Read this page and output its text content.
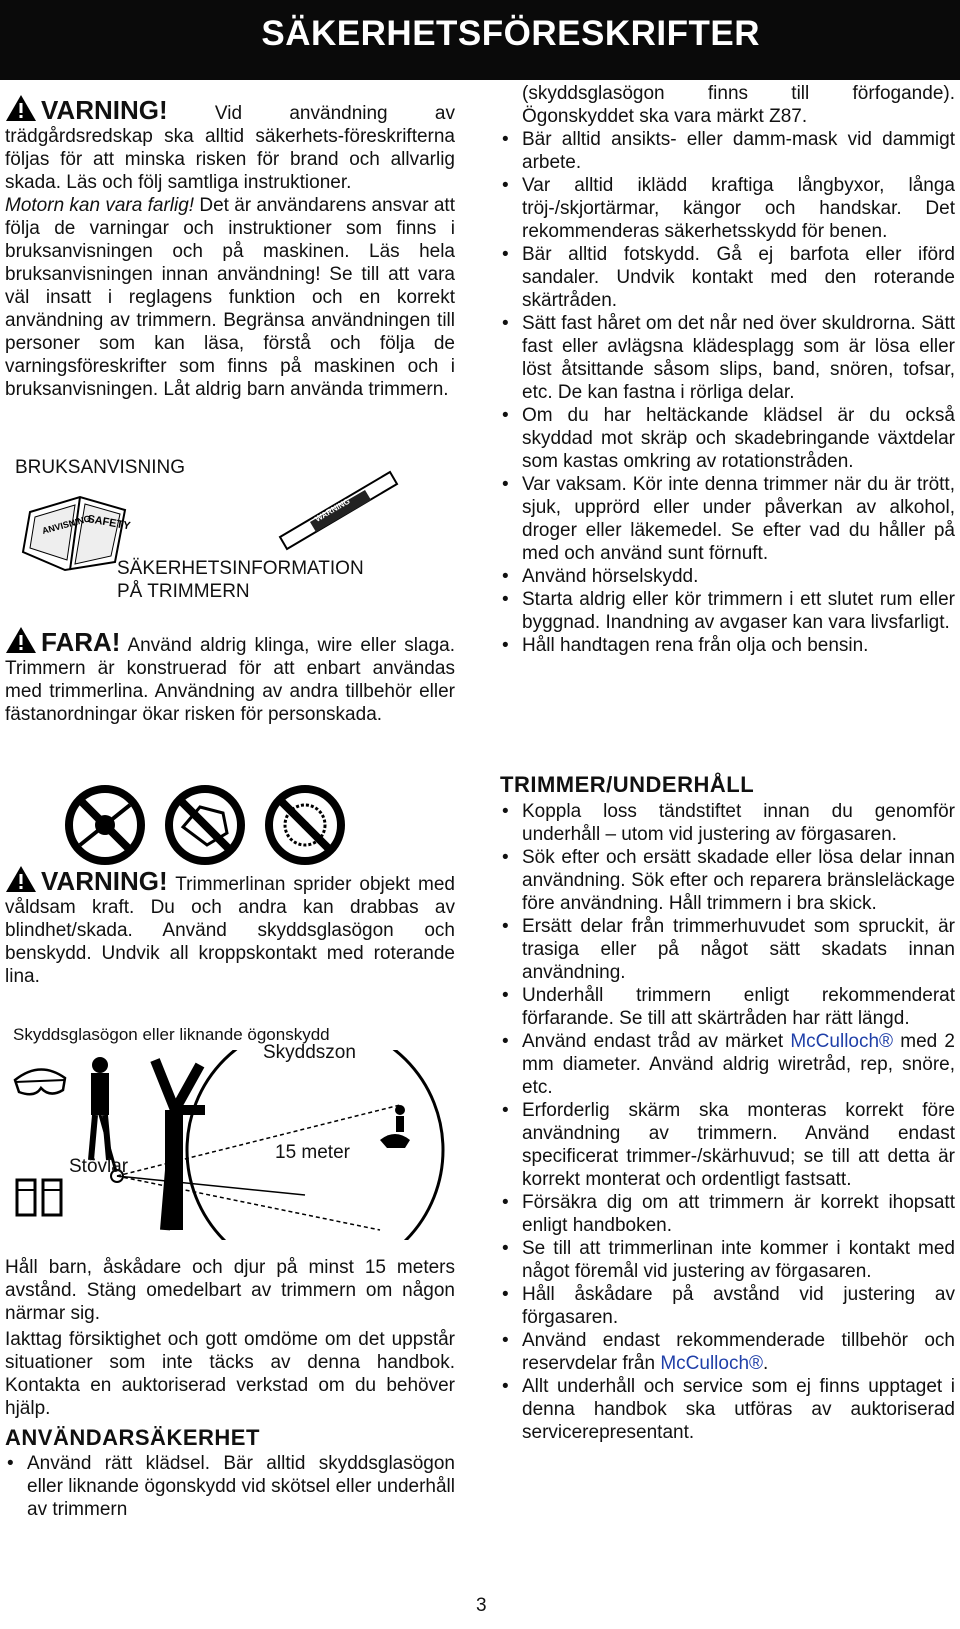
SÄKERHETSFÖRESKRIFTER

VARNING! Vid användning av trädgårdsredskap ska alltid säkerhets-föreskrifterna följas för att minska risken för brand och allvarlig skada. Läs och följ samtliga instruktioner.
Motorn kan vara farlig! Det är användarens ansvar att följa de varningar och instruktioner som finns i bruksanvisningen och på maskinen. Läs hela bruksanvisningen innan användning! Se till att vara väl insatt i reglagens funktion och en korrekt användning av trimmern. Begränsa användningen till personer som kan läsa, förstå och följa de varningsföreskrifter som finns på maskinen och i bruksanvisningen. Låt aldrig barn använda trimmern.

BRUKSANVISNING
ANVISNING
SAFETY	WARNING
SÄKERHETSINFORMATION
PÅ TRIMMERN

FARA! Använd aldrig klinga, wire eller slaga. Trimmern är konstruerad för att enbart användas med trimmerlina. Användning av andra tillbehör eller fästanordningar ökar risken för personskada.

VARNING! Trimmerlinan sprider objekt med våldsam kraft. Du och andra kan drabbas av blindhet/skada. Använd skyddsglasögon och benskydd. Undvik all kroppskontakt med roterande lina.

Skyddsglasögon eller liknande ögonskydd
Skyddszon
15 meter
Stövlar

Håll barn, åskådare och djur på minst 15 meters avstånd. Stäng omedelbart av trimmern om någon närmar sig.

Iakttag försiktighet och gott omdöme om det uppstår situationer som inte täcks av denna handbok. Kontakta en auktoriserad verkstad om du behöver hjälp.

ANVÄNDARSÄKERHET
• Använd rätt klädsel. Bär alltid skyddsglasögon eller liknande ögonskydd vid skötsel eller underhåll av trimmern

(skyddsglasögon finns till förfogande). Ögonskyddet ska vara märkt Z87.

• Bär alltid ansikts- eller damm-mask vid dammigt arbete.
• Var alltid iklädd kraftiga långbyxor, långa tröj-/skjortärmar, kängor och handskar. Det rekommenderas säkerhetsskydd för benen.
• Bär alltid fotskydd. Gå ej barfota eller iförd sandaler. Undvik kontakt med den roterande skärtråden.
• Sätt fast håret om det når ned över skuldrorna. Sätt fast eller avlägsna klädesplagg som är lösa eller löst åtsittande såsom slips, band, snören, tofsar, etc. De kan fastna i rörliga delar.
• Om du har heltäckande klädsel är du också skyddad mot skräp och skadebringande växtdelar som kastas omkring av rotationstråden.
• Var vaksam. Kör inte denna trimmer när du är trött, sjuk, upprörd eller under påverkan av alkohol, droger eller läkemedel. Se efter vad du håller på med och använd sunt förnuft.
• Använd hörselskydd.
• Starta aldrig eller kör trimmern i ett slutet rum eller byggnad. Inandning av avgaser kan vara livsfarligt.
• Håll handtagen rena från olja och bensin.
TRIMMER/UNDERHÅLL
• Koppla loss tändstiftet innan du genomför underhåll – utom vid justering av förgasaren.
• Sök efter och ersätt skadade eller lösa delar innan användning. Sök efter och reparera bränsleläckage före användning. Håll trimmern i bra skick.
• Ersätt delar från trimmerhuvudet som spruckit, är trasiga eller på något sätt skadats innan användning.
• Underhåll trimmern enligt rekommenderat förfarande. Se till att skärtråden har rätt längd.
• Använd endast tråd av märket McCulloch® med 2 mm diameter. Använd aldrig wiretråd, rep, snöre, etc.
• Erforderlig skärm ska monteras korrekt före användning av trimmern. Använd endast specificerat trimmer-/skärhuvud; se till att detta är korrekt monterat och ordentligt fastsatt.
• Försäkra dig om att trimmern är korrekt ihopsatt enligt handboken.
• Se till att trimmerlinan inte kommer i kontakt med något föremål vid justering av förgasaren.
• Håll åskådare på avstånd vid justering av förgasaren.
• Använd endast rekommenderade tillbehör och reservdelar från McCulloch®.
• Allt underhåll och service som ej finns upptaget i denna handbok ska utföras av auktoriserad servicerepresentant.
3
